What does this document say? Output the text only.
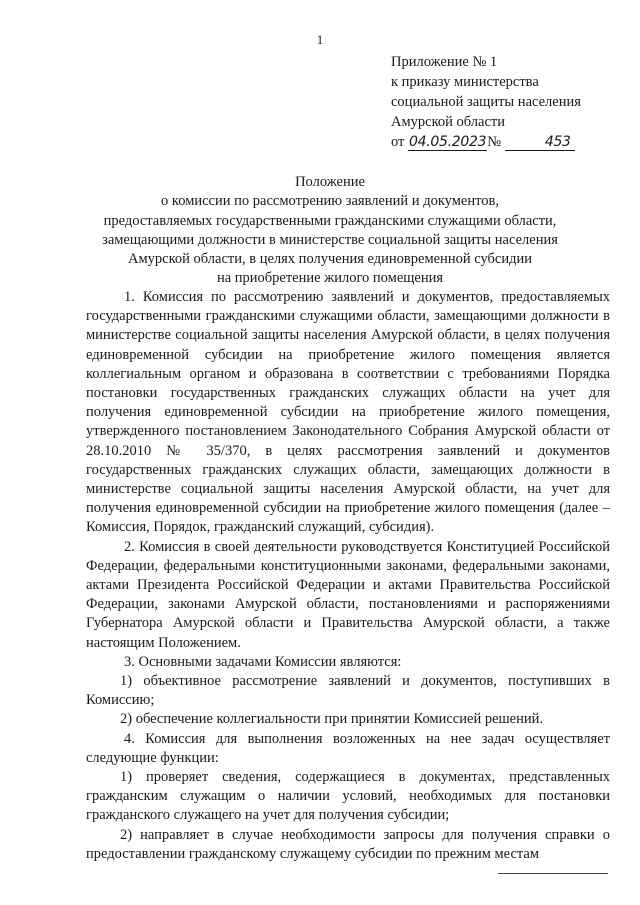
1
Приложение № 1
к приказу министерства
социальной защиты населения
Амурской области
от 04.05.2023№	453
Положение
о комиссии по рассмотрению заявлений и документов,
предоставляемых государственными гражданскими служащими области,
замещающими должности в министерстве социальной защиты населения
Амурской области, в целях получения единовременной субсидии
на приобретение жилого помещения

1. Комиссия по рассмотрению заявлений и документов, предоставляемых государственными гражданскими служащими области, замещающими должности в министерстве социальной защиты населения Амурской области, в целях получения единовременной субсидии на приобретение жилого помещения является коллегиальным органом и образована в соответствии с требованиями Порядка постановки государственных гражданских служащих области на учет для получения единовременной субсидии на приобретение жилого помещения, утвержденного постановлением Законодательного Собрания Амурской области от 28.10.2010 № 35/370, в целях рассмотрения заявлений и документов государственных гражданских служащих области, замещающих должности в министерстве социальной защиты населения Амурской области, на учет для получения единовременной субсидии на приобретение жилого помещения (далее – Комиссия, Порядок, гражданский служащий, субсидия).

2. Комиссия в своей деятельности руководствуется Конституцией Российской Федерации, федеральными конституционными законами, федеральными законами, актами Президента Российской Федерации и актами Правительства Российской Федерации, законами Амурской области, постановлениями и распоряжениями Губернатора Амурской области и Правительства Амурской области, а также настоящим Положением.

3. Основными задачами Комиссии являются:

1) объективное рассмотрение заявлений и документов, поступивших в Комиссию;

2) обеспечение коллегиальности при принятии Комиссией решений.

4. Комиссия для выполнения возложенных на нее задач осуществляет следующие функции:

1) проверяет сведения, содержащиеся в документах, представленных гражданским служащим о наличии условий, необходимых для постановки гражданского служащего на учет для получения субсидии;

2) направляет в случае необходимости запросы для получения справки о предоставлении гражданскому служащему субсидии по прежним местам
